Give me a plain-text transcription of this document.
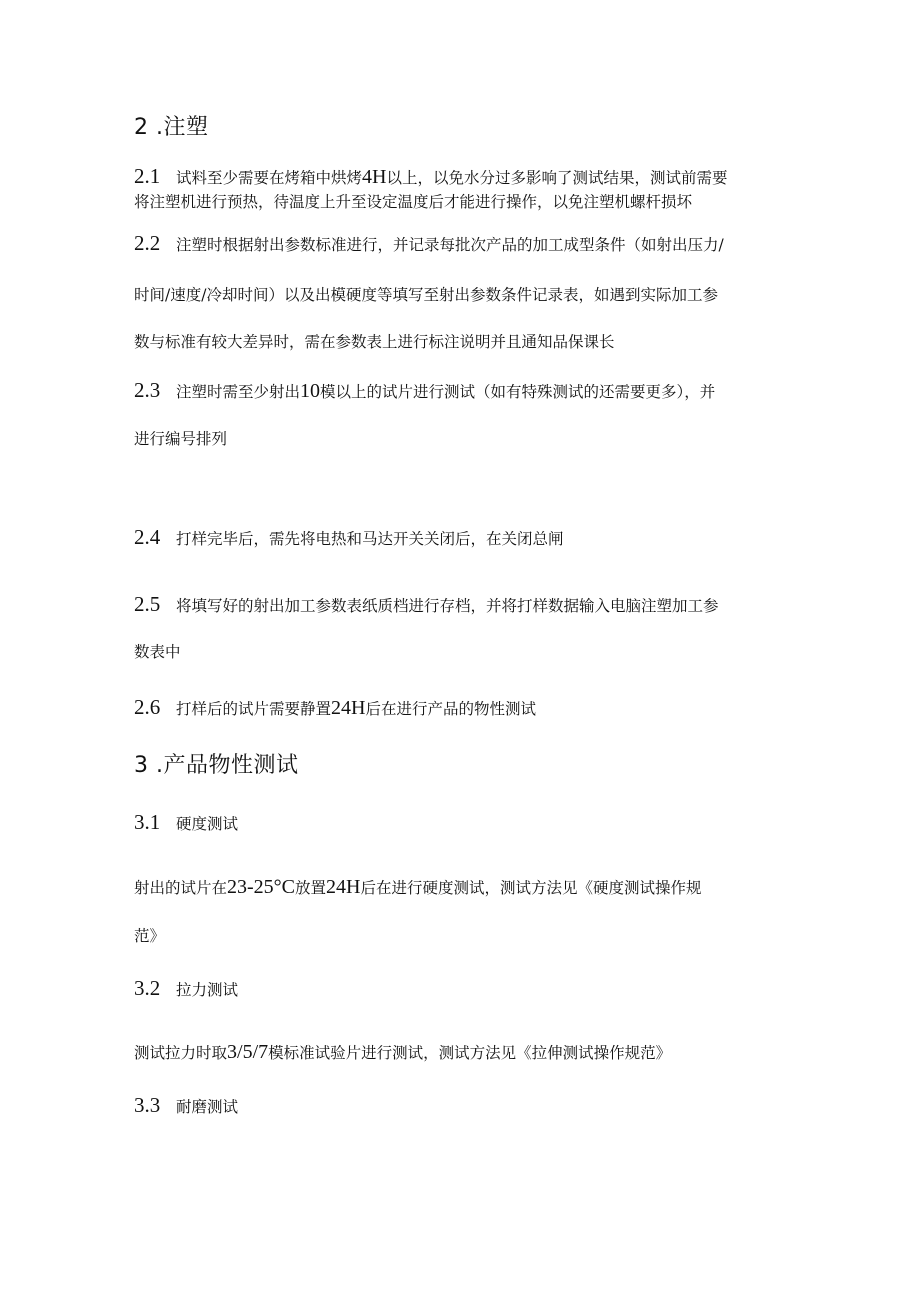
2 .注塑
2.1 试料至少需要在烤箱中烘烤4H以上，以免水分过多影响了测试结果，测试前需要
将注塑机进行预热，待温度上升至设定温度后才能进行操作，以免注塑机螺杆损坏
2.2 注塑时根据射出参数标准进行，并记录每批次产品的加工成型条件（如射出压力/
时间/速度/冷却时间）以及出模硬度等填写至射出参数条件记录表，如遇到实际加工参
数与标准有较大差异时，需在参数表上进行标注说明并且通知品保课长
2.3 注塑时需至少射出10模以上的试片进行测试（如有特殊测试的还需要更多），并
进行编号排列
2.4 打样完毕后，需先将电热和马达开关关闭后，在关闭总闸
2.5 将填写好的射出加工参数表纸质档进行存档，并将打样数据输入电脑注塑加工参
数表中
2.6 打样后的试片需要静置24H后在进行产品的物性测试
3 .产品物性测试
3.1 硬度测试
射出的试片在23-25°C放置24H后在进行硬度测试，测试方法见《硬度测试操作规
范》
3.2 拉力测试
测试拉力时取3/5/7模标准试验片进行测试，测试方法见《拉伸测试操作规范》
3.3 耐磨测试
